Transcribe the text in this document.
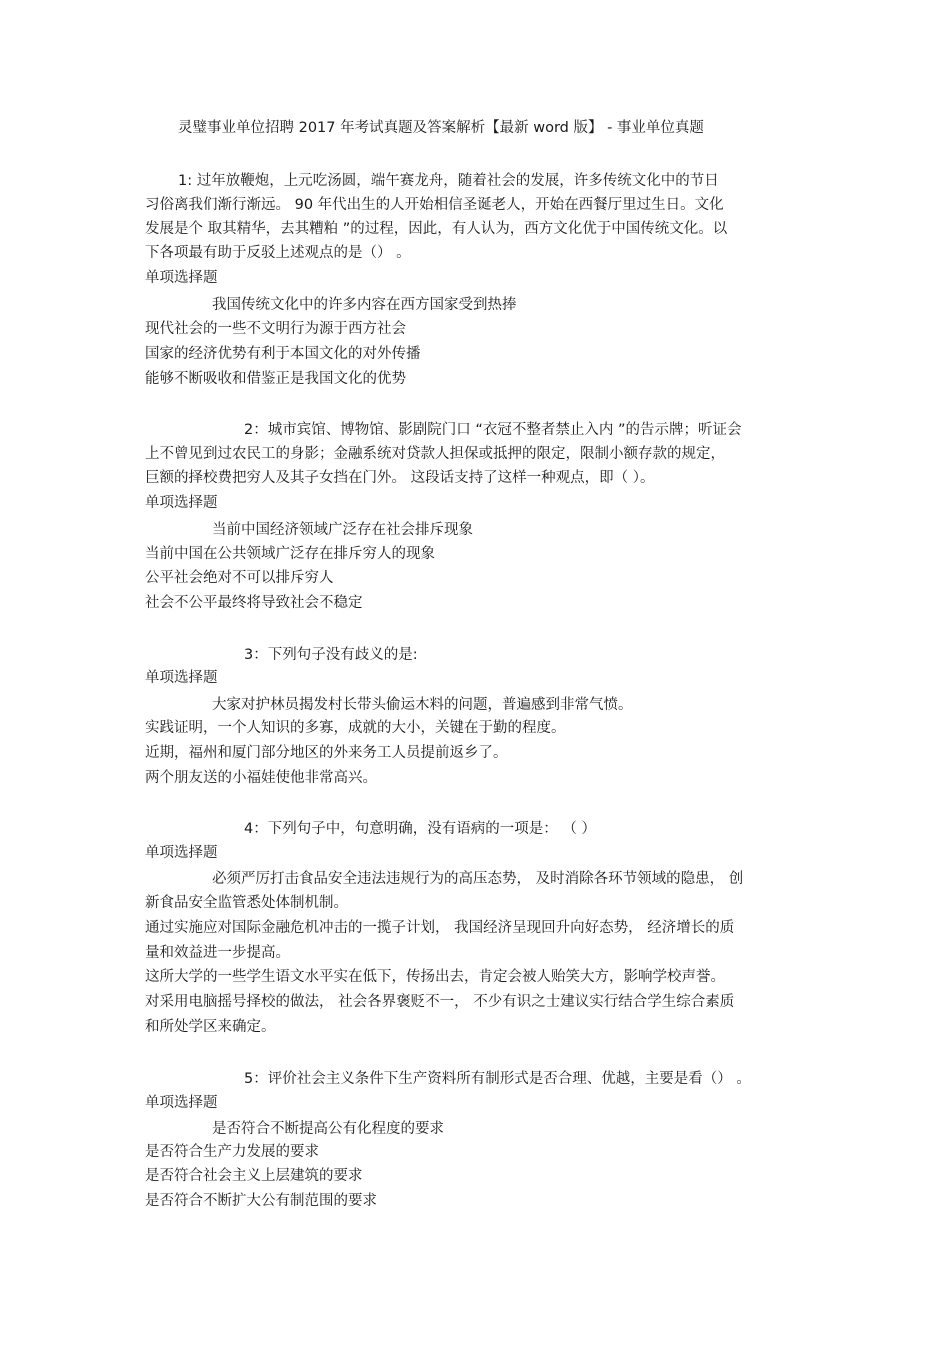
灵璧事业单位招聘 2017 年考试真题及答案解析【最新 word 版】 - 事业单位真题
1: 过年放鞭炮，上元吃汤圆，端午赛龙舟，随着社会的发展，许多传统文化中的节日
习俗离我们渐行渐远。 90 年代出生的人开始相信圣诞老人，开始在西餐厅里过生日。文化
发展是个 取其精华，去其糟粕 ”的过程，因此，有人认为，西方文化优于中国传统文化。以
下各项最有助于反驳上述观点的是（） 。
单项选择题
我国传统文化中的许多内容在西方国家受到热捧
现代社会的一些不文明行为源于西方社会
国家的经济优势有利于本国文化的对外传播
能够不断吸收和借鉴正是我国文化的优势
2：城市宾馆、博物馆、影剧院门口 “衣冠不整者禁止入内 ”的告示牌；听证会
上不曾见到过农民工的身影；金融系统对贷款人担保或抵押的限定，限制小额存款的规定，
巨额的择校费把穷人及其子女挡在门外。 这段话支持了这样一种观点，即（ ）。
单项选择题
当前中国经济领域广泛存在社会排斥现象
当前中国在公共领域广泛存在排斥穷人的现象
公平社会绝对不可以排斥穷人
社会不公平最终将导致社会不稳定
3：下列句子没有歧义的是:
单项选择题
大家对护林员揭发村长带头偷运木料的问题，普遍感到非常气愤。
实践证明，一个人知识的多寡，成就的大小，关键在于勤的程度。
近期，福州和厦门部分地区的外来务工人员提前返乡了。
两个朋友送的小福娃使他非常高兴。
4：下列句子中，句意明确，没有语病的一项是： （ ）
单项选择题
必须严厉打击食品安全违法违规行为的高压态势， 及时消除各环节领域的隐患， 创
新食品安全监管悉处体制机制。
通过实施应对国际金融危机冲击的一揽子计划， 我国经济呈现回升向好态势， 经济增长的质
量和效益进一步提高。
这所大学的一些学生语文水平实在低下，传扬出去，肯定会被人贻笑大方，影响学校声誉。
对采用电脑摇号择校的做法， 社会各界褒贬不一， 不少有识之士建议实行结合学生综合素质
和所处学区来确定。
5：评价社会主义条件下生产资料所有制形式是否合理、优越，主要是看（） 。
单项选择题
是否符合不断提高公有化程度的要求
是否符合生产力发展的要求
是否符合社会主义上层建筑的要求
是否符合不断扩大公有制范围的要求
